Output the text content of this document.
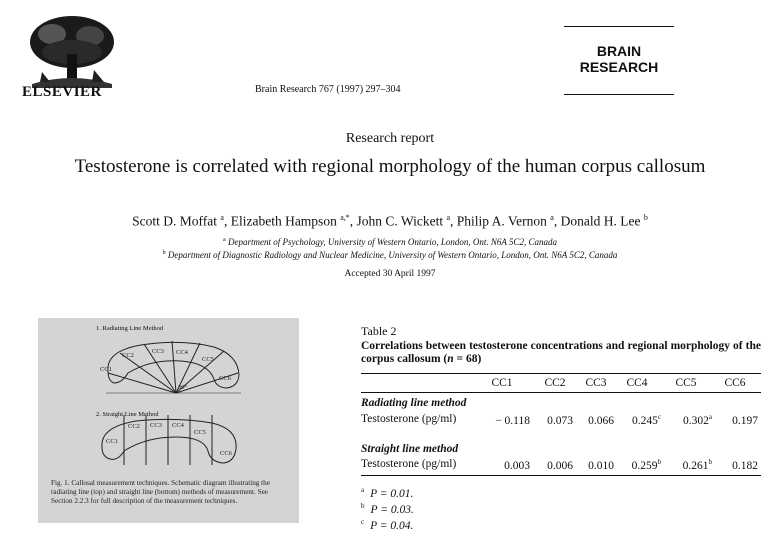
ELSEVIER	Brain Research 767 (1997) 297–304
BRAIN
RESEARCH
Research report
Testosterone is correlated with regional morphology of the human corpus callosum
Scott D. Moffat $^a$, Elizabeth Hampson $^{a,*}$, John C. Wickett $^a$, Philip A. Vernon $^a$, Donald H. Lee $^b$
$^a$ Department of Psychology, University of Western Ontario, London, Ont. N6A 5C2, Canada
$^b$ Department of Diagnostic Radiology and Nuclear Medicine, University of Western Ontario, London, Ont. N6A 5C2, Canada
Accepted 30 April 1997
1. Radiating Line Method
2. Straight Line Method
CC1
CC2
CC3 CC4
CC5
CC6
30°
CC1
CC2 CC3 CC4
CC5
CC6
Fig. 1. Callosal measurement techniques. Schematic diagram illustrating the radiating line (top) and straight line (bottom) methods of measurement. See Section 2.2.3 for full description of the measurement techniques.
Table 2
Correlations between testosterone concentrations and regional morphology of the corpus callosum (n = 68)
CC1	CC2	CC3	CC4	CC5	CC6
Radiating line method
Testosterone (pg/ml)	− 0.118	0.073	0.066	0.245$^c$	0.302$^a$	0.197
Straight line method
Testosterone (pg/ml)	0.003	0.006	0.010	0.259$^b$	0.261$^b$	0.182
$^a$ P = 0.01.
$^b$ P = 0.03.
$^c$ P = 0.04.
